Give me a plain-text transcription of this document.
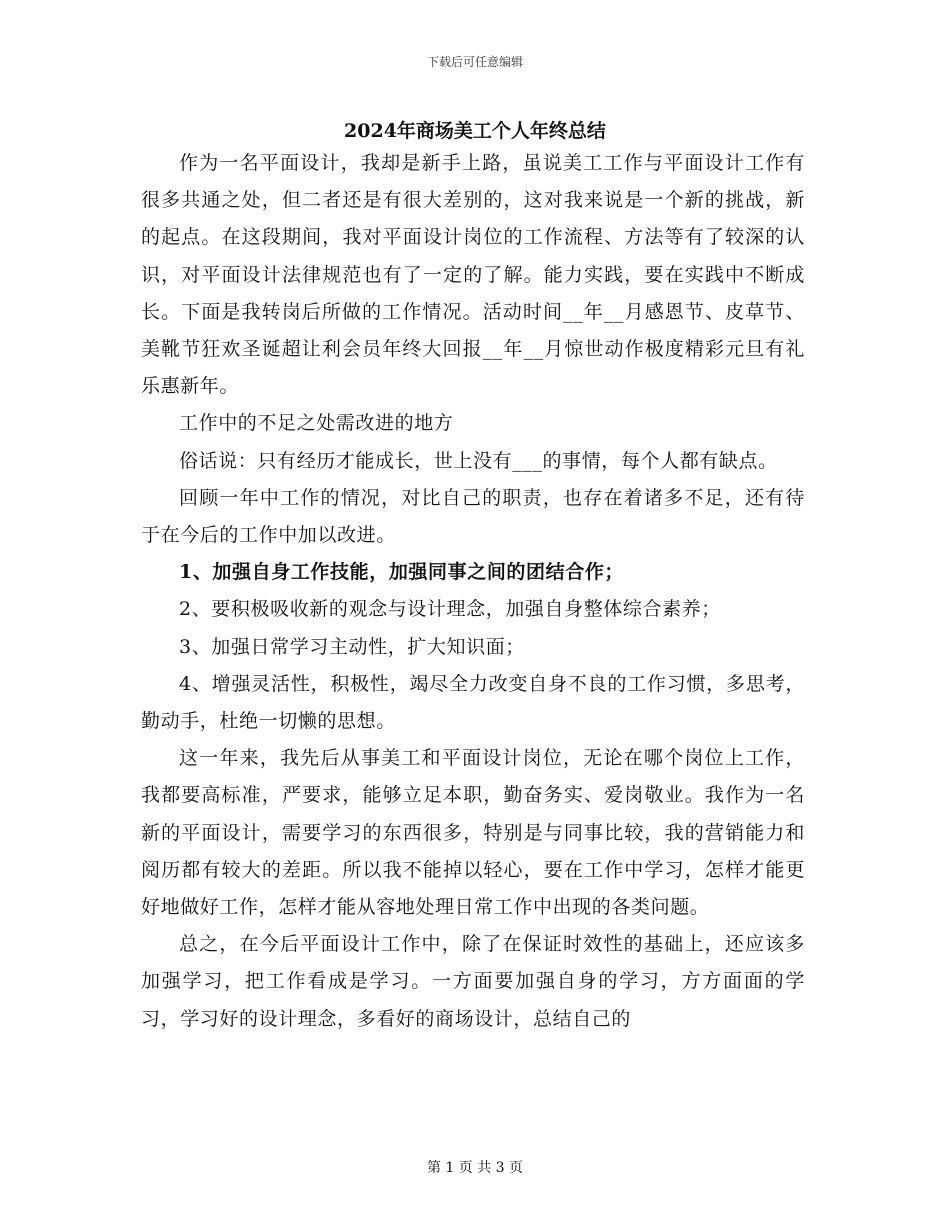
下载后可任意编辑
2024年商场美工个人年终总结

作为一名平面设计，我却是新手上路，虽说美工工作与平面设计工作有很多共通之处，但二者还是有很大差别的，这对我来说是一个新的挑战，新的起点。在这段期间，我对平面设计岗位的工作流程、方法等有了较深的认识，对平面设计法律规范也有了一定的了解。能力实践，要在实践中不断成长。下面是我转岗后所做的工作情况。活动时间__年__月感恩节、皮草节、美靴节狂欢圣诞超让利会员年终大回报__年__月惊世动作极度精彩元旦有礼乐惠新年。

工作中的不足之处需改进的地方

俗话说：只有经历才能成长，世上没有___的事情，每个人都有缺点。

回顾一年中工作的情况，对比自己的职责，也存在着诸多不足，还有待于在今后的工作中加以改进。

1、加强自身工作技能，加强同事之间的团结合作；

2、要积极吸收新的观念与设计理念，加强自身整体综合素养；

3、加强日常学习主动性，扩大知识面；

4、增强灵活性，积极性，竭尽全力改变自身不良的工作习惯，多思考，勤动手，杜绝一切懒的思想。

这一年来，我先后从事美工和平面设计岗位，无论在哪个岗位上工作，我都要高标准，严要求，能够立足本职，勤奋务实、爱岗敬业。我作为一名新的平面设计，需要学习的东西很多，特别是与同事比较，我的营销能力和阅历都有较大的差距。所以我不能掉以轻心，要在工作中学习，怎样才能更好地做好工作，怎样才能从容地处理日常工作中出现的各类问题。

总之，在今后平面设计工作中，除了在保证时效性的基础上，还应该多加强学习，把工作看成是学习。一方面要加强自身的学习，方方面面的学习，学习好的设计理念，多看好的商场设计，总结自己的

第 1 页 共 3 页
